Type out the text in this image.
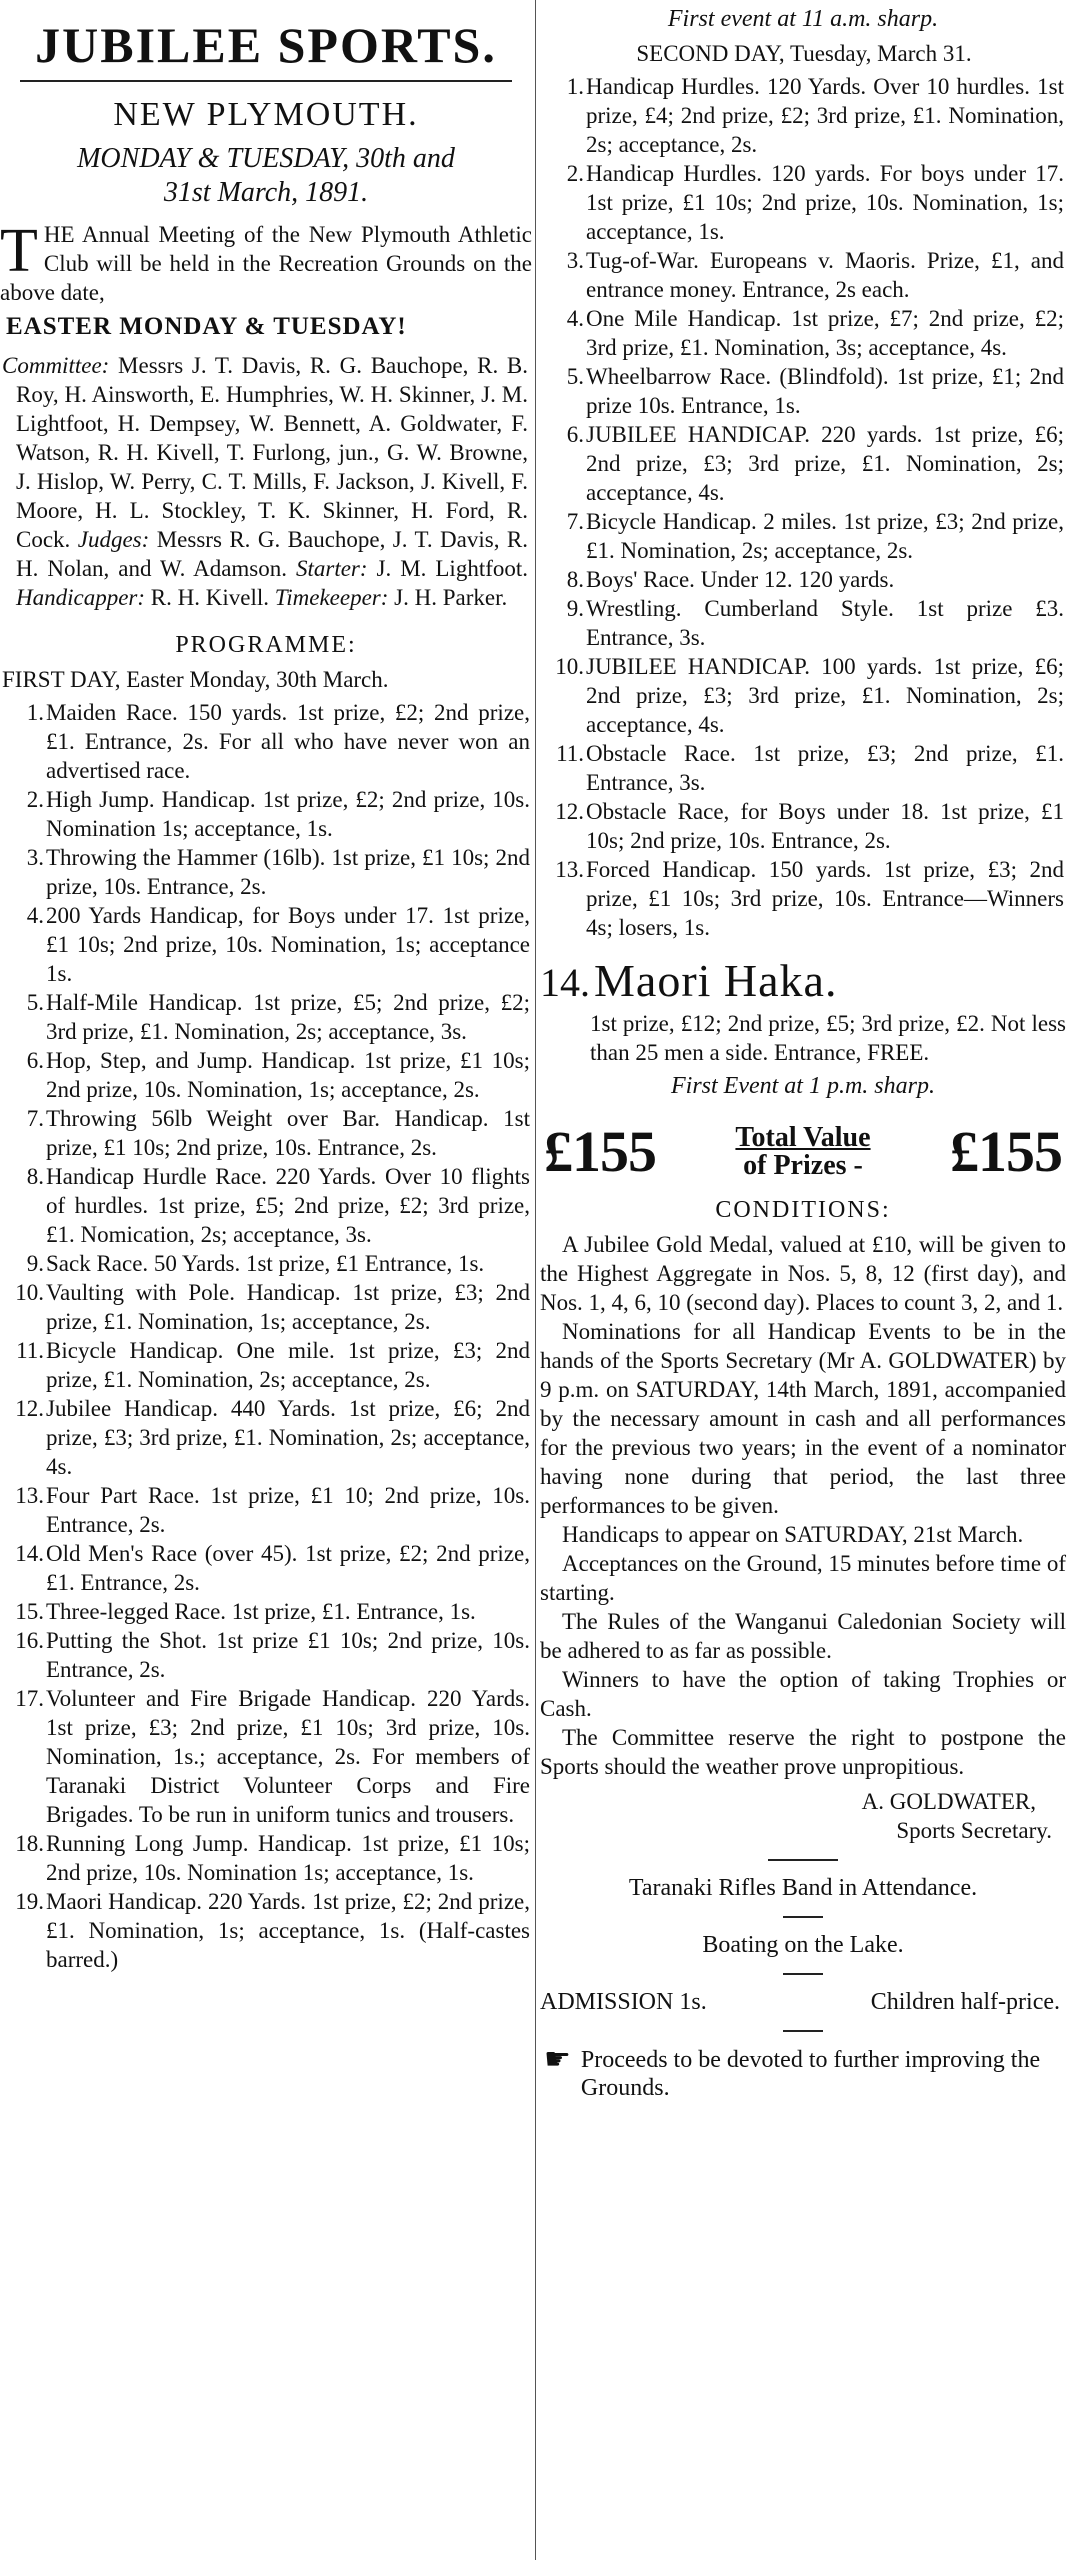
JUBILEE SPORTS.
NEW PLYMOUTH.
MONDAY & TUESDAY, 30th and
31st March, 1891.

THE Annual Meeting of the New Plymouth Athletic Club will be held in the Recreation Grounds on the above date,

EASTER MONDAY & TUESDAY!

Committee: Messrs J. T. Davis, R. G. Bauchope, R. B. Roy, H. Ainsworth, E. Humphries, W. H. Skinner, J. M. Lightfoot, H. Dempsey, W. Bennett, A. Goldwater, F. Watson, R. H. Kivell, T. Furlong, jun., G. W. Browne, J. Hislop, W. Perry, C. T. Mills, F. Jackson, J. Kivell, F. Moore, H. L. Stockley, T. K. Skinner, H. Ford, R. Cock. Judges: Messrs R. G. Bauchope, J. T. Davis, R. H. Nolan, and W. Adamson. Starter: J. M. Lightfoot. Handicapper: R. H. Kivell. Timekeeper: J. H. Parker.

PROGRAMME:
FIRST DAY, Easter Monday, 30th March.
1.Maiden Race. 150 yards. 1st prize, £2; 2nd prize, £1. Entrance, 2s. For all who have never won an advertised race.
2.High Jump. Handicap. 1st prize, £2; 2nd prize, 10s. Nomination 1s; acceptance, 1s.
3.Throwing the Hammer (16lb). 1st prize, £1 10s; 2nd prize, 10s. Entrance, 2s.
4.200 Yards Handicap, for Boys under 17. 1st prize, £1 10s; 2nd prize, 10s. Nomination, 1s; acceptance 1s.
5.Half-Mile Handicap. 1st prize, £5; 2nd prize, £2; 3rd prize, £1. Nomination, 2s; acceptance, 3s.
6.Hop, Step, and Jump. Handicap. 1st prize, £1 10s; 2nd prize, 10s. Nomination, 1s; acceptance, 2s.
7.Throwing 56lb Weight over Bar. Handicap. 1st prize, £1 10s; 2nd prize, 10s. Entrance, 2s.
8.Handicap Hurdle Race. 220 Yards. Over 10 flights of hurdles. 1st prize, £5; 2nd prize, £2; 3rd prize, £1. Nomication, 2s; acceptance, 3s.
9.Sack Race. 50 Yards. 1st prize, £1 Entrance, 1s.
10.Vaulting with Pole. Handicap. 1st prize, £3; 2nd prize, £1. Nomination, 1s; acceptance, 2s.
11.Bicycle Handicap. One mile. 1st prize, £3; 2nd prize, £1. Nomination, 2s; acceptance, 2s.
12.Jubilee Handicap. 440 Yards. 1st prize, £6; 2nd prize, £3; 3rd prize, £1. Nomination, 2s; acceptance, 4s.
13.Four Part Race. 1st prize, £1 10; 2nd prize, 10s. Entrance, 2s.
14.Old Men's Race (over 45). 1st prize, £2; 2nd prize, £1. Entrance, 2s.
15.Three-legged Race. 1st prize, £1. Entrance, 1s.
16.Putting the Shot. 1st prize £1 10s; 2nd prize, 10s. Entrance, 2s.
17.Volunteer and Fire Brigade Handicap. 220 Yards. 1st prize, £3; 2nd prize, £1 10s; 3rd prize, 10s. Nomination, 1s.; acceptance, 2s. For members of Taranaki District Volunteer Corps and Fire Brigades. To be run in uniform tunics and trousers.
18.Running Long Jump. Handicap. 1st prize, £1 10s; 2nd prize, 10s. Nomination 1s; acceptance, 1s.
19.Maori Handicap. 220 Yards. 1st prize, £2; 2nd prize, £1. Nomination, 1s; acceptance, 1s. (Half-castes barred.)
First event at 11 a.m. sharp.
SECOND DAY, Tuesday, March 31.
1.Handicap Hurdles. 120 Yards. Over 10 hurdles. 1st prize, £4; 2nd prize, £2; 3rd prize, £1. Nomination, 2s; acceptance, 2s.
2.Handicap Hurdles. 120 yards. For boys under 17. 1st prize, £1 10s; 2nd prize, 10s. Nomination, 1s; acceptance, 1s.
3.Tug-of-War. Europeans v. Maoris. Prize, £1, and entrance money. Entrance, 2s each.
4.One Mile Handicap. 1st prize, £7; 2nd prize, £2; 3rd prize, £1. Nomination, 3s; acceptance, 4s.
5.Wheelbarrow Race. (Blindfold). 1st prize, £1; 2nd prize 10s. Entrance, 1s.
6.JUBILEE HANDICAP. 220 yards. 1st prize, £6; 2nd prize, £3; 3rd prize, £1. Nomination, 2s; acceptance, 4s.
7.Bicycle Handicap. 2 miles. 1st prize, £3; 2nd prize, £1. Nomination, 2s; acceptance, 2s.
8.Boys' Race. Under 12. 120 yards.
9.Wrestling. Cumberland Style. 1st prize £3. Entrance, 3s.
10.JUBILEE HANDICAP. 100 yards. 1st prize, £6; 2nd prize, £3; 3rd prize, £1. Nomination, 2s; acceptance, 4s.
11.Obstacle Race. 1st prize, £3; 2nd prize, £1. Entrance, 3s.
12.Obstacle Race, for Boys under 18. 1st prize, £1 10s; 2nd prize, 10s. Entrance, 2s.
13.Forced Handicap. 150 yards. 1st prize, £3; 2nd prize, £1 10s; 3rd prize, 10s. Entrance—Winners 4s; losers, 1s.
14. Maori Haka.
1st prize, £12; 2nd prize, £5; 3rd prize, £2. Not less than 25 men a side. Entrance, FREE.
First Event at 1 p.m. sharp.
£155	Total Value
of Prizes - £155
CONDITIONS:

A Jubilee Gold Medal, valued at £10, will be given to the Highest Aggregate in Nos. 5, 8, 12 (first day), and Nos. 1, 4, 6, 10 (second day). Places to count 3, 2, and 1.

Nominations for all Handicap Events to be in the hands of the Sports Secretary (Mr A. GOLDWATER) by 9 p.m. on SATURDAY, 14th March, 1891, accompanied by the necessary amount in cash and all performances for the previous two years; in the event of a nominator having none during that period, the last three performances to be given.

Handicaps to appear on SATURDAY, 21st March.

Acceptances on the Ground, 15 minutes before time of starting.

The Rules of the Wanganui Caledonian Society will be adhered to as far as possible.

Winners to have the option of taking Trophies or Cash.

The Committee reserve the right to postpone the Sports should the weather prove unpropitious.

A. GOLDWATER,
Sports Secretary.
Taranaki Rifles Band in Attendance.
Boating on the Lake.
ADMISSION 1s.	Children half-price.
☛ Proceeds to be devoted to further improving the Grounds.
